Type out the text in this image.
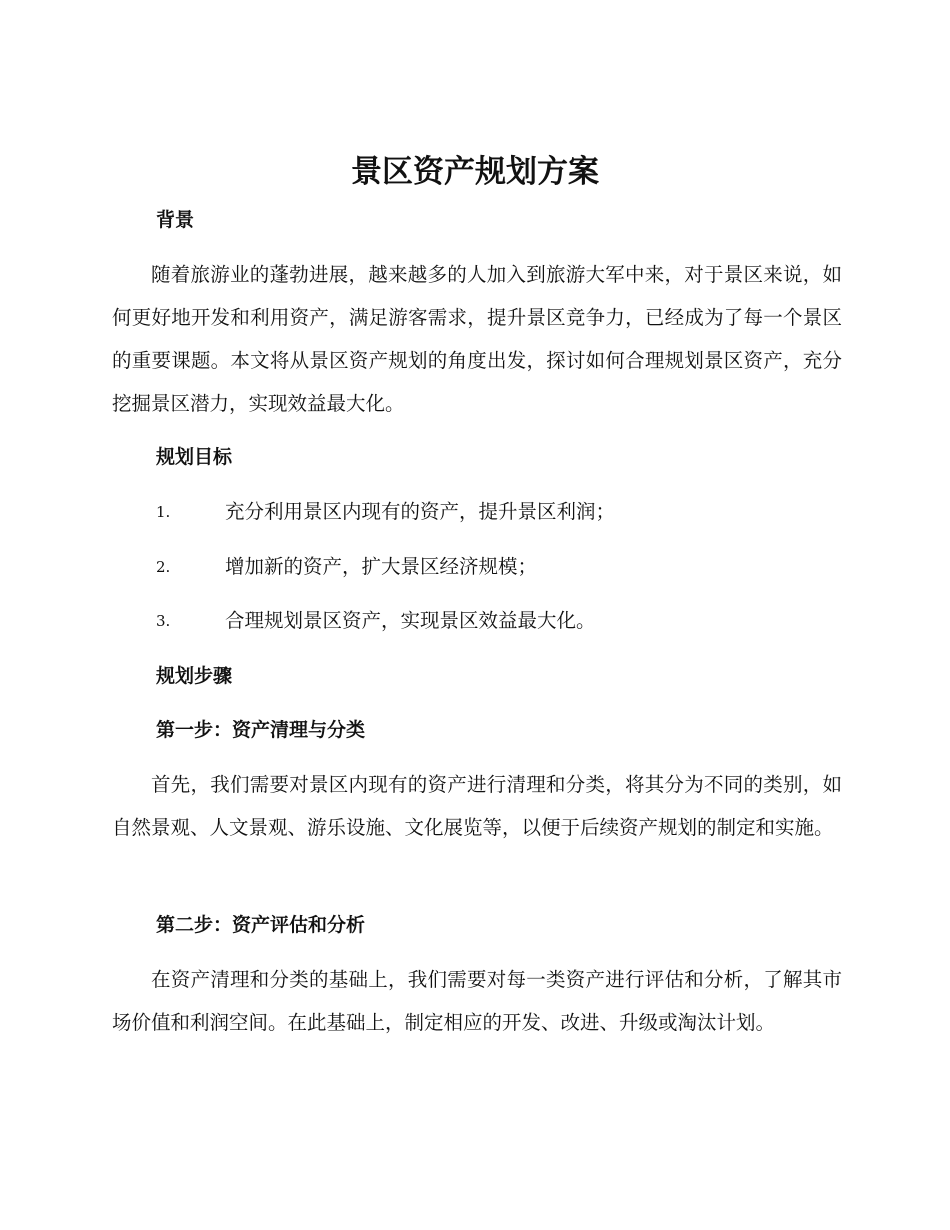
景区资产规划方案
背景

随着旅游业的蓬勃进展，越来越多的人加入到旅游大军中来，对于景区来说，如何更好地开发和利用资产，满足游客需求，提升景区竞争力，已经成为了每一个景区的重要课题。本文将从景区资产规划的角度出发，探讨如何合理规划景区资产，充分挖掘景区潜力，实现效益最大化。

规划目标
1.	充分利用景区内现有的资产，提升景区利润；
2.	增加新的资产，扩大景区经济规模；
3.	合理规划景区资产，实现景区效益最大化。
规划步骤
第一步：资产清理与分类

首先，我们需要对景区内现有的资产进行清理和分类，将其分为不同的类别，如自然景观、人文景观、游乐设施、文化展览等，以便于后续资产规划的制定和实施。

第二步：资产评估和分析

在资产清理和分类的基础上，我们需要对每一类资产进行评估和分析，了解其市场价值和利润空间。在此基础上，制定相应的开发、改进、升级或淘汰计划。
